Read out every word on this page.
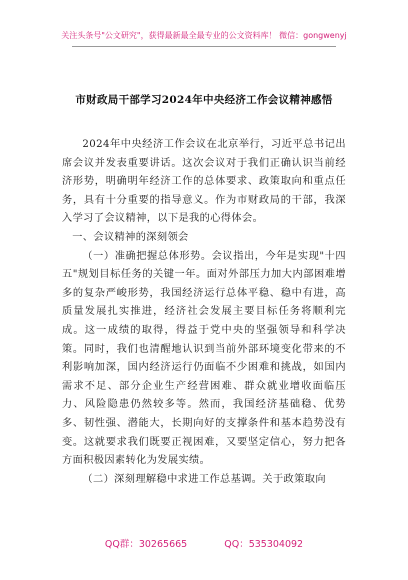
关注头条号"公文研究"，获得最新最全最专业的公文资料库！ 微信：gongwenyj
市财政局干部学习2024年中央经济工作会议精神感悟

2024年中央经济工作会议在北京举行，习近平总书记出席会议并发表重要讲话。这次会议对于我们正确认识当前经济形势，明确明年经济工作的总体要求、政策取向和重点任务，具有十分重要的指导意义。作为市财政局的干部，我深入学习了会议精神，以下是我的心得体会。

一、会议精神的深刻领会

（一）准确把握总体形势。会议指出，今年是实现"十四五"规划目标任务的关键一年。面对外部压力加大内部困难增多的复杂严峻形势，我国经济运行总体平稳、稳中有进，高质量发展扎实推进，经济社会发展主要目标任务将顺利完成。这一成绩的取得，得益于党中央的坚强领导和科学决策。同时，我们也清醒地认识到当前外部环境变化带来的不利影响加深，国内经济运行仍面临不少困难和挑战，如国内需求不足、部分企业生产经营困难、群众就业增收面临压力、风险隐患仍然较多等。然而，我国经济基础稳、优势多、韧性强、潜能大，长期向好的支撑条件和基本趋势没有变。这就要求我们既要正视困难，又要坚定信心，努力把各方面积极因素转化为发展实绩。

（二）深刻理解稳中求进工作总基调。关于政策取向

QQ群：30265665	QQ：535304092
